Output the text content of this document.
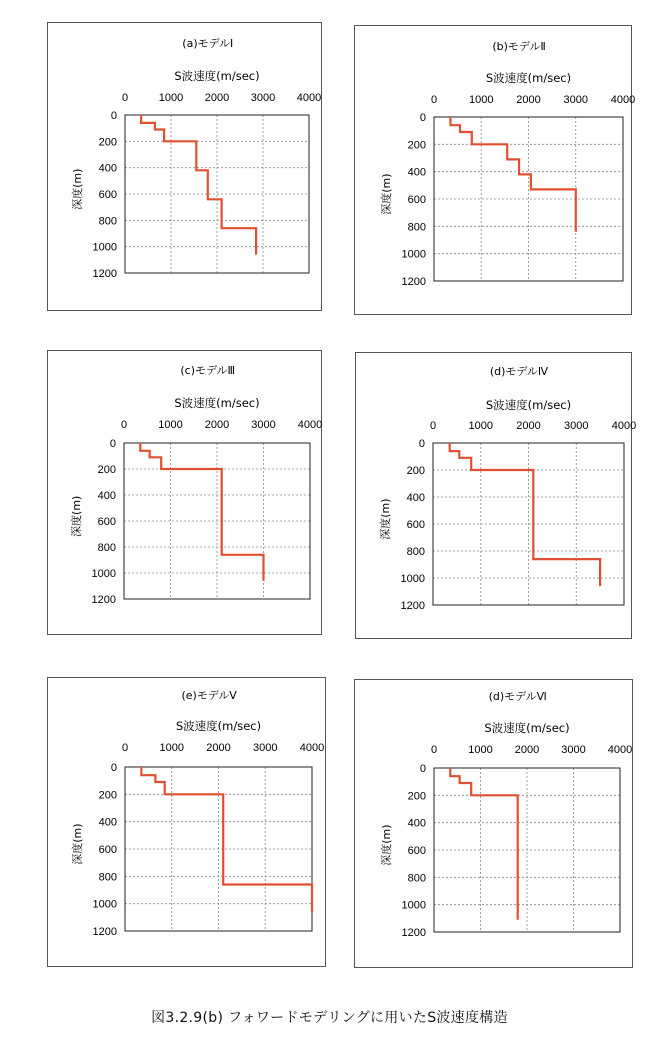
(a)モデルⅠ
S波速度(m/sec)
0	1000 2000 3000 4000
0
200
400
600
800
1000
1200
深度(m)
(b)モデルⅡ
S波速度(m/sec)
0	1000 2000 3000 4000
0
200
400
600
800
1000
1200
深度(m)
(c)モデルⅢ
S波速度(m/sec)
0	1000 2000 3000 4000
0
200
400
600
800
1000
1200
深度(m)
(d)モデルⅣ
S波速度(m/sec)
0	1000 2000 3000 4000
0
200
400
600
800
1000
1200
深度(m)
(e)モデルⅤ
S波速度(m/sec)
0	1000 2000 3000 4000
0
200
400
600
800
1000
1200
深度(m)
(d)モデルⅥ
S波速度(m/sec)
0	1000 2000 3000 4000
0
200
400
600
800
1000
1200
深度(m)
図3.2.9(b) フォワードモデリングに用いたS波速度構造
